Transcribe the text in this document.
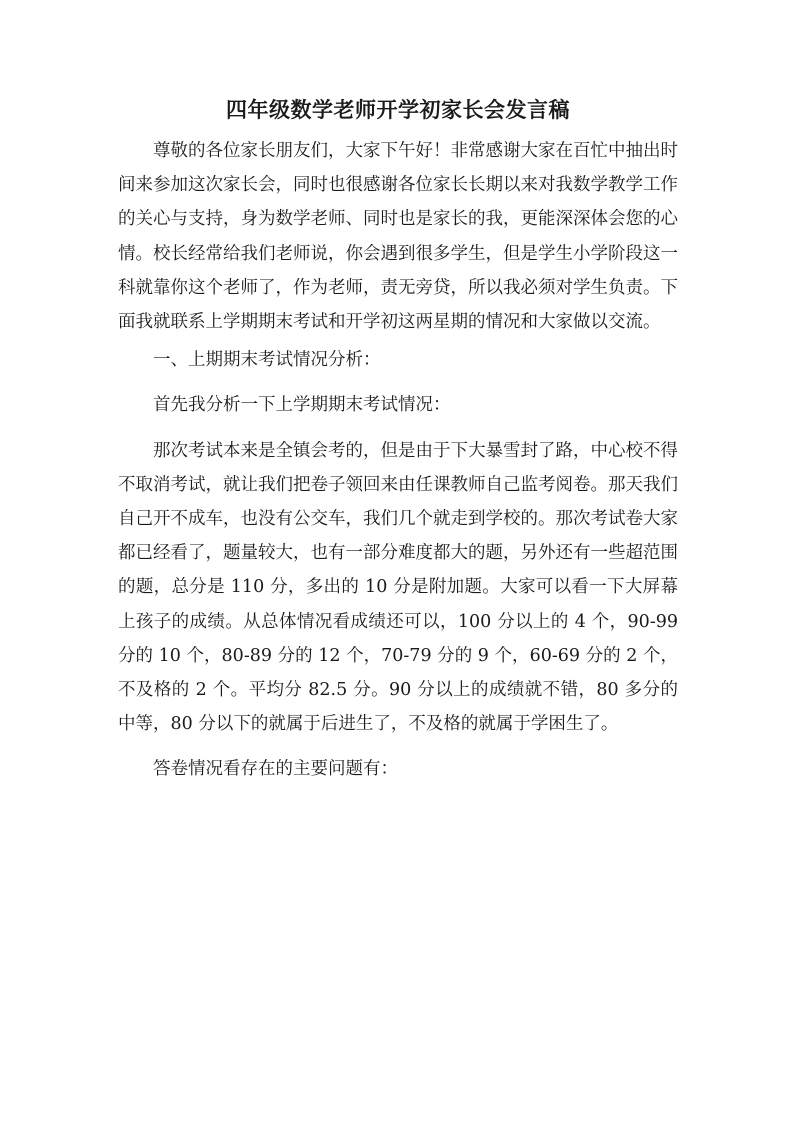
四年级数学老师开学初家长会发言稿

尊敬的各位家长朋友们，大家下午好！非常感谢大家在百忙中抽出时间来参加这次家长会，同时也很感谢各位家长长期以来对我数学教学工作的关心与支持，身为数学老师、同时也是家长的我，更能深深体会您的心情。校长经常给我们老师说，你会遇到很多学生，但是学生小学阶段这一科就靠你这个老师了，作为老师，责无旁贷，所以我必须对学生负责。下面我就联系上学期期末考试和开学初这两星期的情况和大家做以交流。

一、上期期末考试情况分析：

首先我分析一下上学期期末考试情况：

那次考试本来是全镇会考的，但是由于下大暴雪封了路，中心校不得不取消考试，就让我们把卷子领回来由任课教师自己监考阅卷。那天我们自己开不成车，也没有公交车，我们几个就走到学校的。那次考试卷大家都已经看了，题量较大，也有一部分难度都大的题，另外还有一些超范围的题，总分是 110 分，多出的 10 分是附加题。大家可以看一下大屏幕上孩子的成绩。从总体情况看成绩还可以，100 分以上的 4 个，90-99 分的 10 个，80-89 分的 12 个，70-79 分的 9 个，60-69 分的 2 个，不及格的 2 个。平均分 82.5 分。90 分以上的成绩就不错，80 多分的中等，80 分以下的就属于后进生了，不及格的就属于学困生了。

答卷情况看存在的主要问题有：
